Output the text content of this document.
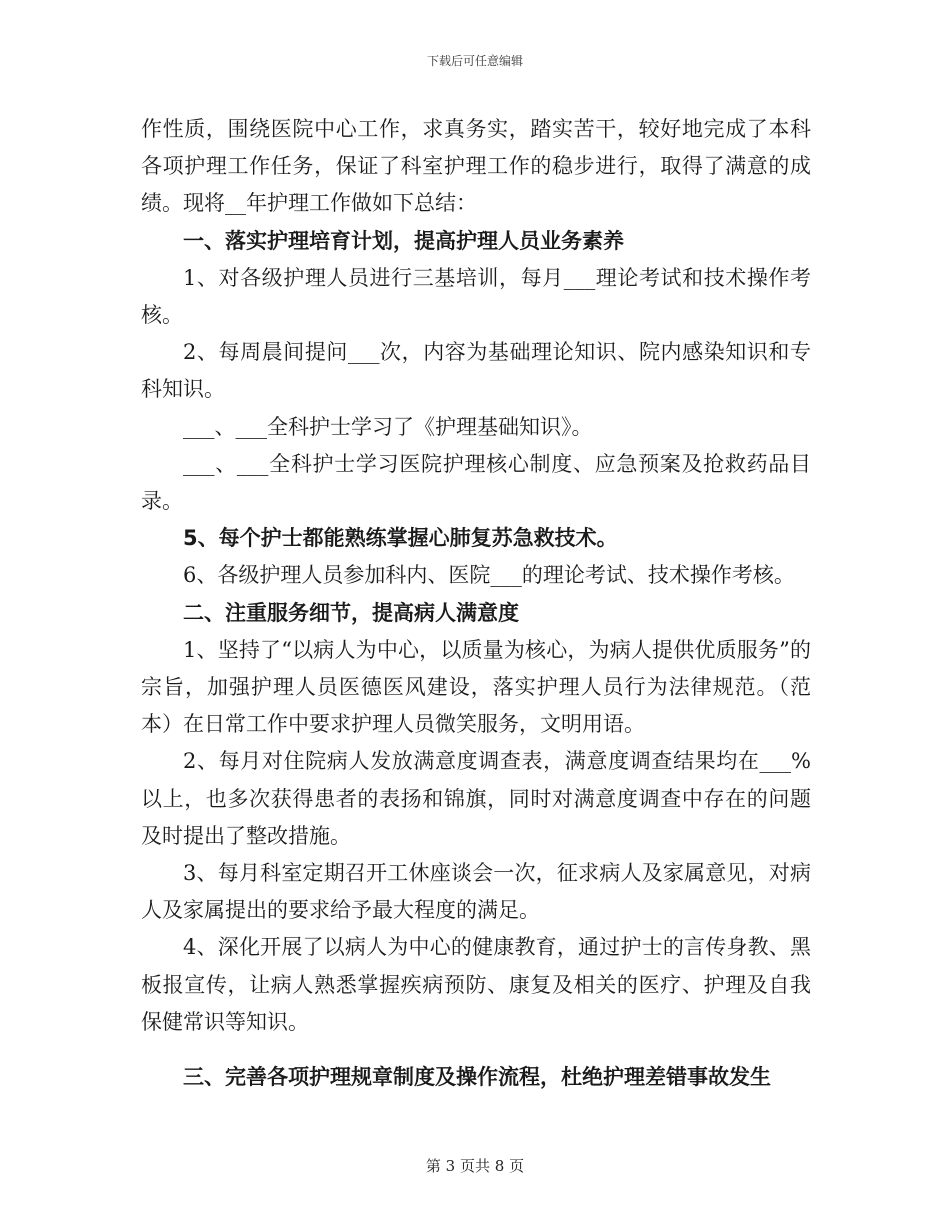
下载后可任意编辑

作性质，围绕医院中心工作，求真务实，踏实苦干，较好地完成了本科各项护理工作任务，保证了科室护理工作的稳步进行，取得了满意的成绩。现将__年护理工作做如下总结：

一、落实护理培育计划，提高护理人员业务素养

1、对各级护理人员进行三基培训，每月___理论考试和技术操作考核。

2、每周晨间提问___次，内容为基础理论知识、院内感染知识和专科知识。

___、___全科护士学习了《护理基础知识》。

___、___全科护士学习医院护理核心制度、应急预案及抢救药品目录。

5、每个护士都能熟练掌握心肺复苏急救技术。

6、各级护理人员参加科内、医院___的理论考试、技术操作考核。

二、注重服务细节，提高病人满意度

1、坚持了“以病人为中心，以质量为核心，为病人提供优质服务”的宗旨，加强护理人员医德医风建设，落实护理人员行为法律规范。（范本）在日常工作中要求护理人员微笑服务，文明用语。

2、每月对住院病人发放满意度调查表，满意度调查结果均在___%以上，也多次获得患者的表扬和锦旗，同时对满意度调查中存在的问题及时提出了整改措施。

3、每月科室定期召开工休座谈会一次，征求病人及家属意见，对病人及家属提出的要求给予最大程度的满足。

4、深化开展了以病人为中心的健康教育，通过护士的言传身教、黑板报宣传，让病人熟悉掌握疾病预防、康复及相关的医疗、护理及自我保健常识等知识。

三、完善各项护理规章制度及操作流程，杜绝护理差错事故发生

第 3 页共 8 页
